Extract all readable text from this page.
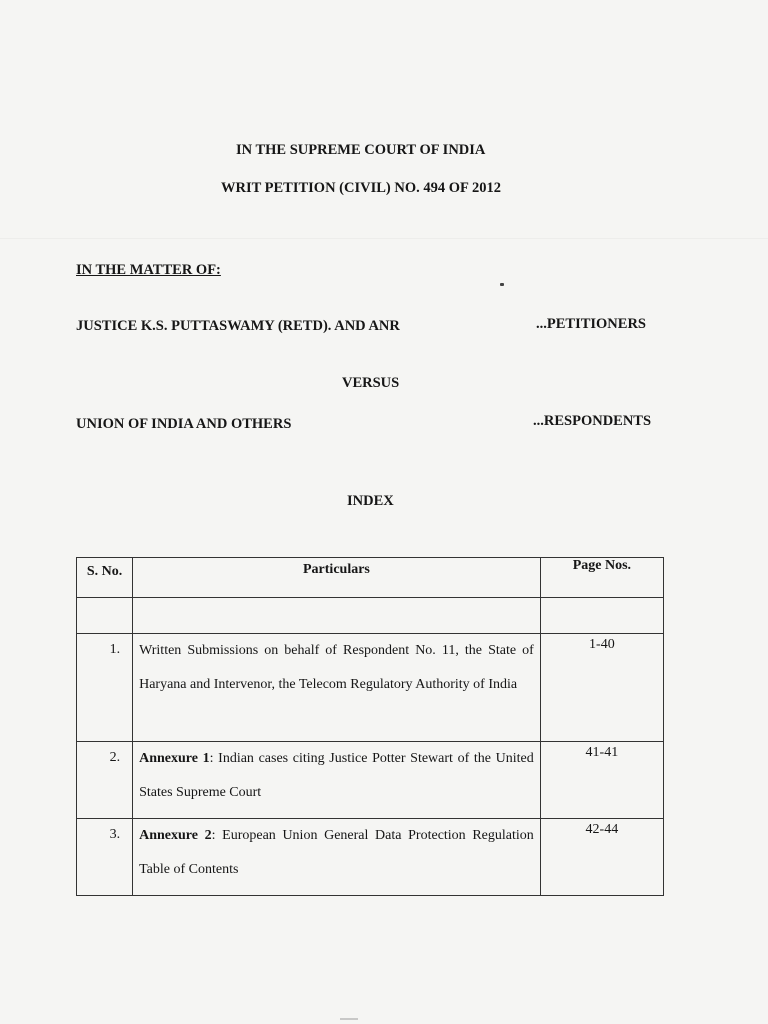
IN THE SUPREME COURT OF INDIA
WRIT PETITION (CIVIL) NO. 494 OF 2012
IN THE MATTER OF:
JUSTICE K.S. PUTTASWAMY (RETD). AND ANR	...PETITIONERS
VERSUS
UNION OF INDIA AND OTHERS	...RESPONDENTS
INDEX
S. No.	Particulars	Page Nos.

1.	Written Submissions on behalf of Respondent No. 11, the State of Haryana and Intervenor, the Telecom Regulatory Authority of India	1-40
2.	Annexure 1: Indian cases citing Justice Potter Stewart of the United States Supreme Court	41-41
3.	Annexure 2: European Union General Data Protection Regulation Table of Contents	42-44
